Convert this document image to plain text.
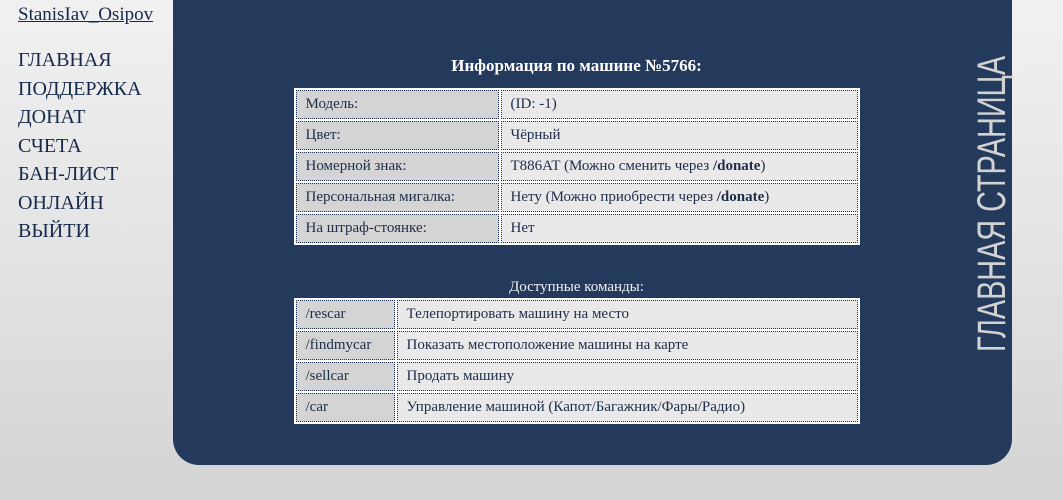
StanisIav_Osipov
ГЛАВНАЯ
ПОДДЕРЖКА
ДОНАТ
СЧЕТА
БАН-ЛИСТ
ОНЛАЙН
ВЫЙТИ
Информация по машине №5766:
Модель:	(ID: -1)
Цвет:	Чёрный
Номерной знак:	T886AT (Можно сменить через /donate)
Персональная мигалка:	Нету (Можно приобрести через /donate)
На штраф-стоянке:	Нет
Доступные команды:
/rescar	Телепортировать машину на место
/findmycar	Показать местоположение машины на карте
/sellcar	Продать машину
/car	Управление машиной (Капот/Багажник/Фары/Радио)
ГЛАВНАЯ СТРАНИЦА
